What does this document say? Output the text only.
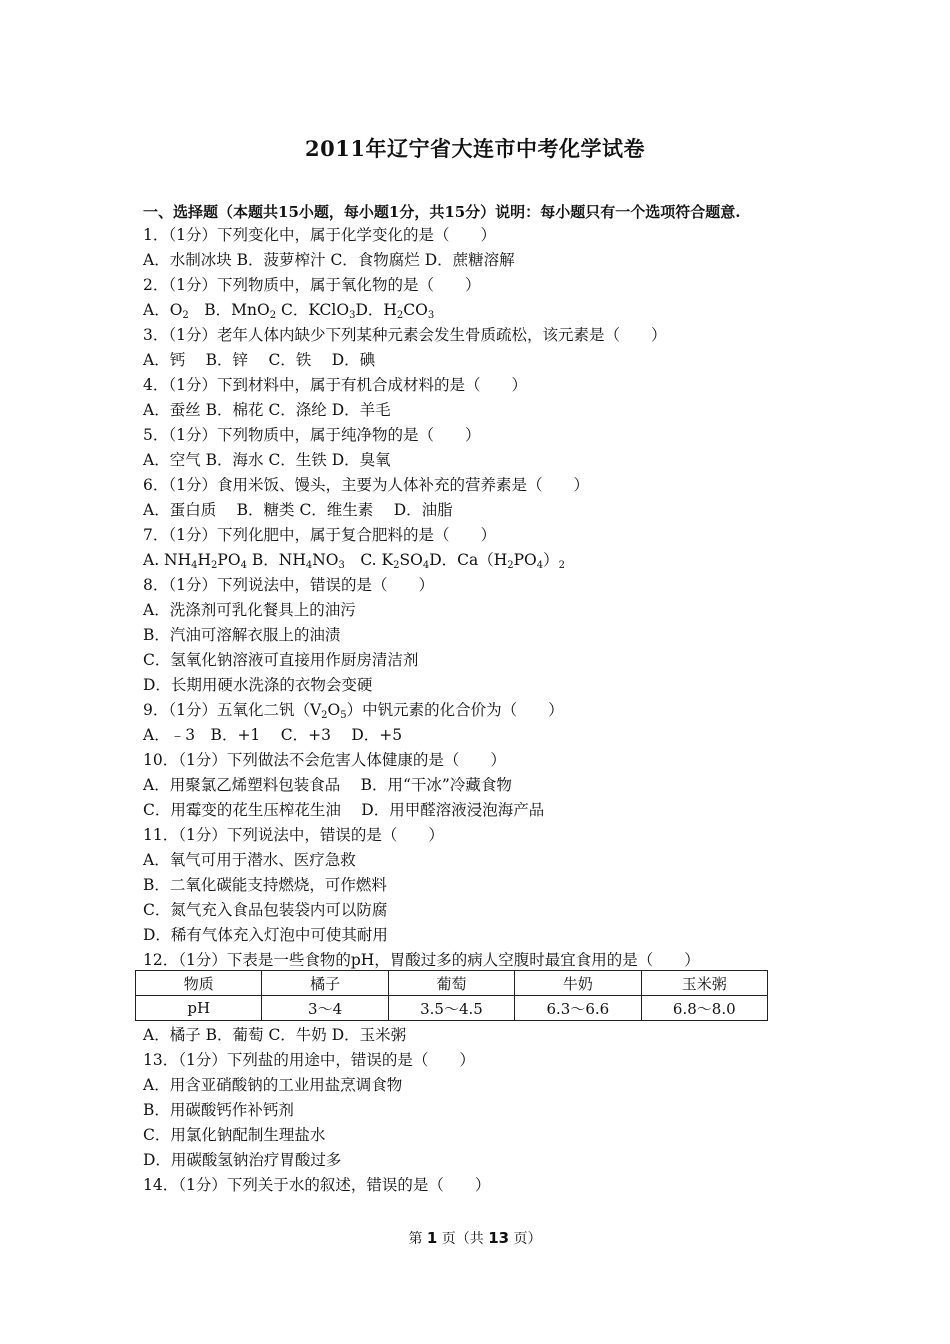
2011年辽宁省大连市中考化学试卷
一、选择题（本题共15小题，每小题1分，共15分）说明：每小题只有一个选项符合题意.
1．（1分）下列变化中，属于化学变化的是（　　）
A．水制冰块 B．菠萝榨汁 C．食物腐烂 D．蔗糖溶解
2．（1分）下列物质中，属于氧化物的是（　　）
A．$O_2$　B．MnO$_2$ C．KClO$_3$D．$H_2CO_3$
3．（1分）老年人体内缺少下列某种元素会发生骨质疏松，该元素是（　　）
A．钙　 B．锌　 C．铁　 D．碘
4．（1分）下到材料中，属于有机合成材料的是（　　）
A．蚕丝 B．棉花 C．涤纶 D．羊毛
5．（1分）下列物质中，属于纯净物的是（　　）
A．空气 B．海水 C．生铁 D．臭氧
6．（1分）食用米饭、馒头，主要为人体补充的营养素是（　　）
A．蛋白质　 B．糖类 C．维生素　 D．油脂
7．（1分）下列化肥中，属于复合肥料的是（　　）
A. $NH_4H_2PO_4$ B．$NH_4NO_3$　C. $K_2SO_4D$．$Ca(H_2PO_4)_2$
8．（1分）下列说法中，错误的是（　　）
A．洗涤剂可乳化餐具上的油污
B．汽油可溶解衣服上的油渍
C．氢氧化钠溶液可直接用作厨房清洁剂
D．长期用硬水洗涤的衣物会变硬
9．（1分）五氧化二钒$(V_2O_5)$中钒元素的化合价为（　　）
A．﹣3　B．+1　 C．+3　 D．+5
10．（1分）下列做法不会危害人体健康的是（　　）
A．用聚氯乙烯塑料包装食品　 B．用“干冰”冷藏食物
C．用霉变的花生压榨花生油　 D．用甲醛溶液浸泡海产品
11．（1分）下列说法中，错误的是（　　）
A．氧气可用于潜水、医疗急救
B．二氧化碳能支持燃烧，可作燃料
C．氮气充入食品包装袋内可以防腐
D．稀有气体充入灯泡中可使其耐用
12．（1分）下表是一些食物的pH，胃酸过多的病人空腹时最宜食用的是（　　）
物质	橘子	葡萄	牛奶	玉米粥
pH	3～4	3.5～4.5	6.3～6.6	6.8～8.0
A．橘子 B．葡萄 C．牛奶 D．玉米粥
13．（1分）下列盐的用途中，错误的是（　　）
A．用含亚硝酸钠的工业用盐烹调食物
B．用碳酸钙作补钙剂
C．用氯化钠配制生理盐水
D．用碳酸氢钠治疗胃酸过多
14．（1分）下列关于水的叙述，错误的是（　　）
第 1 页（共 13 页）
